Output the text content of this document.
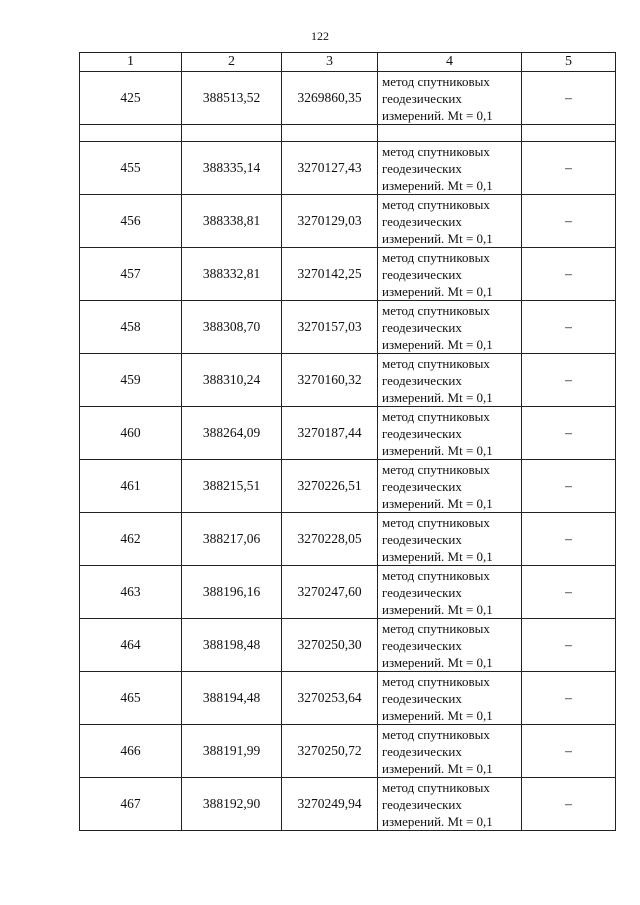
122
1	2	3	4	5
425	388513,52	3269860,35	метод спутниковых
геодезических
измерений. Mt = 0,1	–

455	388335,14	3270127,43	метод спутниковых
геодезических
измерений. Mt = 0,1	–
456	388338,81	3270129,03	метод спутниковых
геодезических
измерений. Mt = 0,1	–
457	388332,81	3270142,25	метод спутниковых
геодезических
измерений. Mt = 0,1	–
458	388308,70	3270157,03	метод спутниковых
геодезических
измерений. Mt = 0,1	–
459	388310,24	3270160,32	метод спутниковых
геодезических
измерений. Mt = 0,1	–
460	388264,09	3270187,44	метод спутниковых
геодезических
измерений. Mt = 0,1	–
461	388215,51	3270226,51	метод спутниковых
геодезических
измерений. Mt = 0,1	–
462	388217,06	3270228,05	метод спутниковых
геодезических
измерений. Mt = 0,1	–
463	388196,16	3270247,60	метод спутниковых
геодезических
измерений. Mt = 0,1	–
464	388198,48	3270250,30	метод спутниковых
геодезических
измерений. Mt = 0,1	–
465	388194,48	3270253,64	метод спутниковых
геодезических
измерений. Mt = 0,1	–
466	388191,99	3270250,72	метод спутниковых
геодезических
измерений. Mt = 0,1	–
467	388192,90	3270249,94	метод спутниковых
геодезических
измерений. Mt = 0,1	–
